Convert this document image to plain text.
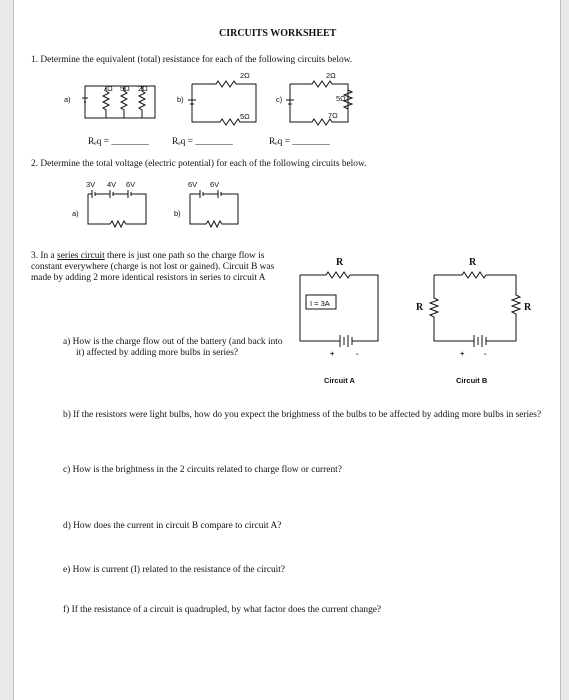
CIRCUITS WORKSHEET
1. Determine the equivalent (total) resistance for each of the following circuits below.
a)
7Ω 5Ω 2Ω
b)
2Ω
5Ω
c)
2Ω
5Ω
7Ω
Rₑq = ________ Rₑq = ________	Rₑq = ________
2. Determine the total voltage (electric potential) for each of the following circuits below.
3V 4V 6V
a)
6V 6V
b)
3. In a series circuit there is just one path so the charge flow is constant everywhere (charge is not lost or gained). Circuit B was made by adding 2 more identical resistors in series to circuit A
R
I = 3A
+	-
Circuit A
R
R	R
+	-
Circuit B
a) How is the charge flow out of the battery (and back into it) affected by adding more bulbs in series?
b) If the resistors were light bulbs, how do you expect the brightness of the bulbs to be affected by adding more bulbs in series?
c) How is the brightness in the 2 circuits related to charge flow or current?
d) How does the current in circuit B compare to circuit A?
e) How is current (I) related to the resistance of the circuit?
f) If the resistance of a circuit is quadrupled, by what factor does the current change?
